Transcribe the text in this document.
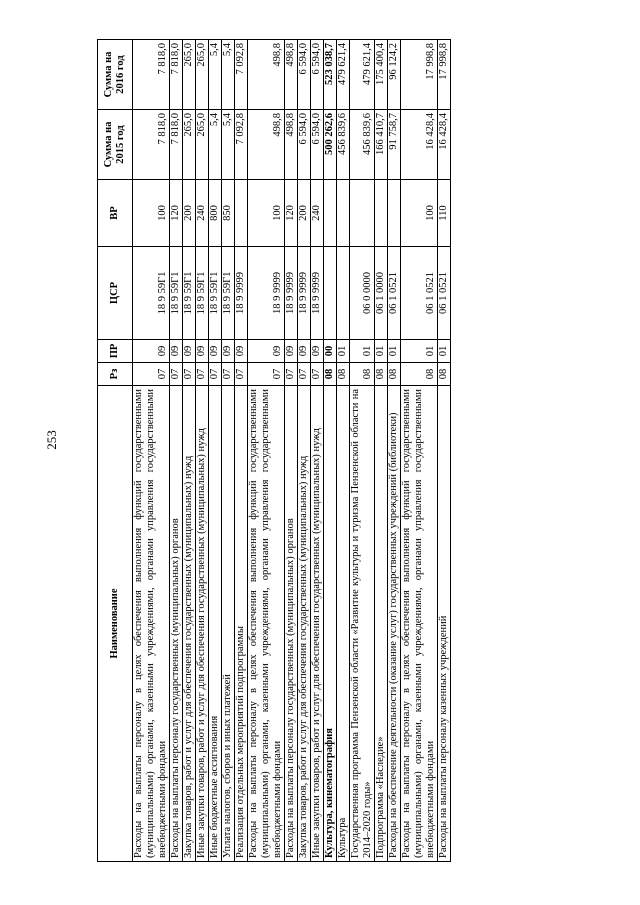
253
Наименование	Рз	ПР	ЦСР	ВР	Сумма на 2015 год	Сумма на 2016 год
Расходы на выплаты персоналу в целях обеспечения выполнения функций государственными (муниципальными) органами, казенными учреждениями, органами управления государственными внебюджетными фондами	07	09	18 9 59Г1	100	7 818,0	7 818,0
Расходы на выплаты персоналу государственных (муниципальных) органов	07	09	18 9 59Г1	120	7 818,0	7 818,0
Закупка товаров, работ и услуг для обеспечения государственных (муниципальных) нужд	07	09	18 9 59Г1	200	265,0	265,0
Иные закупки товаров, работ и услуг для обеспечения государственных (муниципальных) нужд	07	09	18 9 59Г1	240	265,0	265,0
Иные бюджетные ассигнования	07	09	18 9 59Г1	800	5,4	5,4
Уплата налогов, сборов и иных платежей	07	09	18 9 59Г1	850	5,4	5,4
Реализация отдельных мероприятий подпрограммы	07	09	18 9 9999		7 092,8	7 092,8
Расходы на выплаты персоналу в целях обеспечения выполнения функций государственными (муниципальными) органами, казенными учреждениями, органами управления государственными внебюджетными фондами	07	09	18 9 9999	100	498,8	498,8
Расходы на выплаты персоналу государственных (муниципальных) органов	07	09	18 9 9999	120	498,8	498,8
Закупка товаров, работ и услуг для обеспечения государственных (муниципальных) нужд	07	09	18 9 9999	200	6 594,0	6 594,0
Иные закупки товаров, работ и услуг для обеспечения государственных (муниципальных) нужд	07	09	18 9 9999	240	6 594,0	6 594,0
Культура, кинематография	08	00			500 262,6	523 038,7
Культура	08	01			456 839,6	479 621,4
Государственная программа Пензенской области «Развитие культуры и туризма Пензенской области на 2014–2020 годы»	08	01	06 0 0000		456 839,6	479 621,4
Подпрограмма «Наследие»	08	01	06 1 0000		166 410,7	175 400,4
Расходы на обеспечение деятельности (оказание услуг) государственных учреждений (библиотеки)	08	01	06 1 0521		91 758,7	96 124,2
Расходы на выплаты персоналу в целях обеспечения выполнения функций государственными (муниципальными) органами, казенными учреждениями, органами управления государственными внебюджетными фондами	08	01	06 1 0521	100	16 428,4	17 998,8
Расходы на выплаты персоналу казенных учреждений	08	01	06 1 0521	110	16 428,4	17 998,8
